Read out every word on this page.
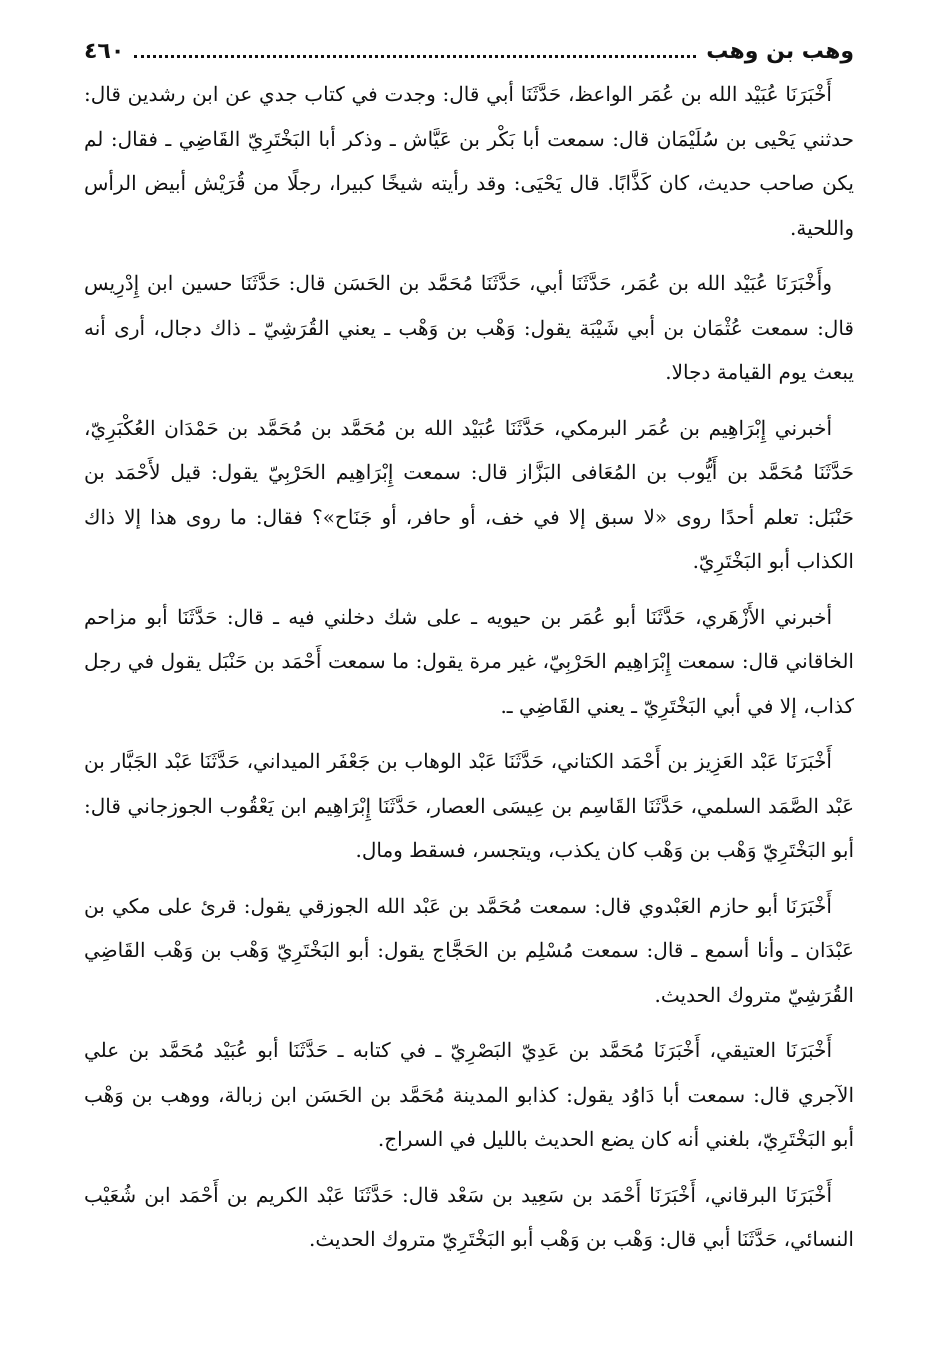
وهب بن وهب
٤٦٠

أَخْبَرَنَا عُبَيْد الله بن عُمَر الواعظ، حَدَّثَنَا أبي قال: وجدت في كتاب جدي عن ابن رشدين قال: حدثني يَحْيى بن سُلَيْمَان قال: سمعت أبا بَكْر بن عَيَّاش ـ وذكر أبا البَخْتَرِيّ القَاضِي ـ فقال: لم يكن صاحب حديث، كان كَذَّابًا. قال يَحْيَى: وقد رأيته شيخًا كبيرا، رجلًا من قُرَيْش أبيض الرأس واللحية.

وأَخْبَرَنَا عُبَيْد الله بن عُمَر، حَدَّثَنَا أبي، حَدَّثَنَا مُحَمَّد بن الحَسَن قال: حَدَّثَنَا حسين ابن إِدْرِيس قال: سمعت عُثْمَان بن أبي شَيْبَة يقول: وَهْب بن وَهْب ـ يعني القُرَشِيّ ـ ذاك دجال، أرى أنه يبعث يوم القيامة دجالا.

أخبرني إِبْرَاهِيم بن عُمَر البرمكي، حَدَّثَنَا عُبَيْد الله بن مُحَمَّد بن مُحَمَّد بن حَمْدَان العُكْبَرِيّ، حَدَّثَنَا مُحَمَّد بن أَيُّوب بن المُعَافى البَزَّاز قال: سمعت إِبْرَاهِيم الحَرْبِيّ يقول: قيل لأَحْمَد بن حَنْبَل: تعلم أحدًا روى «لا سبق إلا في خف، أو حافر، أو جَنَاح»؟ فقال: ما روى هذا إلا ذاك الكذاب أبو البَخْتَرِيّ.

أخبرني الأَزْهَري، حَدَّثَنَا أبو عُمَر بن حيويه ـ على شك دخلني فيه ـ قال: حَدَّثَنَا أبو مزاحم الخاقاني قال: سمعت إِبْرَاهِيم الحَرْبِيّ، غير مرة يقول: ما سمعت أَحْمَد بن حَنْبَل يقول في رجل كذاب، إلا في أبي البَخْتَرِيّ ـ يعني القَاضِي ـ.

أَخْبَرَنَا عَبْد العَزِيز بن أَحْمَد الكتاني، حَدَّثَنَا عَبْد الوهاب بن جَعْفَر الميداني، حَدَّثَنَا عَبْد الجَبَّار بن عَبْد الصَّمَد السلمي، حَدَّثَنَا القَاسِم بن عِيسَى العصار، حَدَّثَنَا إِبْرَاهِيم ابن يَعْقُوب الجوزجاني قال: أبو البَخْتَرِيّ وَهْب بن وَهْب كان يكذب، ويتجسر، فسقط ومال.

أَخْبَرَنَا أبو حازم العَبْدوي قال: سمعت مُحَمَّد بن عَبْد الله الجوزقي يقول: قرئ على مكي بن عَبْدَان ـ وأنا أسمع ـ قال: سمعت مُسْلِم بن الحَجَّاج يقول: أبو البَخْتَرِيّ وَهْب بن وَهْب القَاضِي القُرَشِيّ متروك الحديث.

أَخْبَرَنَا العتيقي، أَخْبَرَنَا مُحَمَّد بن عَدِيّ البَصْرِيّ ـ في كتابه ـ حَدَّثَنَا أبو عُبَيْد مُحَمَّد بن علي الآجري قال: سمعت أبا دَاوُد يقول: كذابو المدينة مُحَمَّد بن الحَسَن ابن زبالة، ووهب بن وَهْب أبو البَخْتَرِيّ، بلغني أنه كان يضع الحديث بالليل في السراج.

أَخْبَرَنَا البرقاني، أَخْبَرَنَا أَحْمَد بن سَعِيد بن سَعْد قال: حَدَّثَنَا عَبْد الكريم بن أَحْمَد ابن شُعَيْب النسائي، حَدَّثَنَا أبي قال: وَهْب بن وَهْب أبو البَخْتَرِيّ متروك الحديث.
